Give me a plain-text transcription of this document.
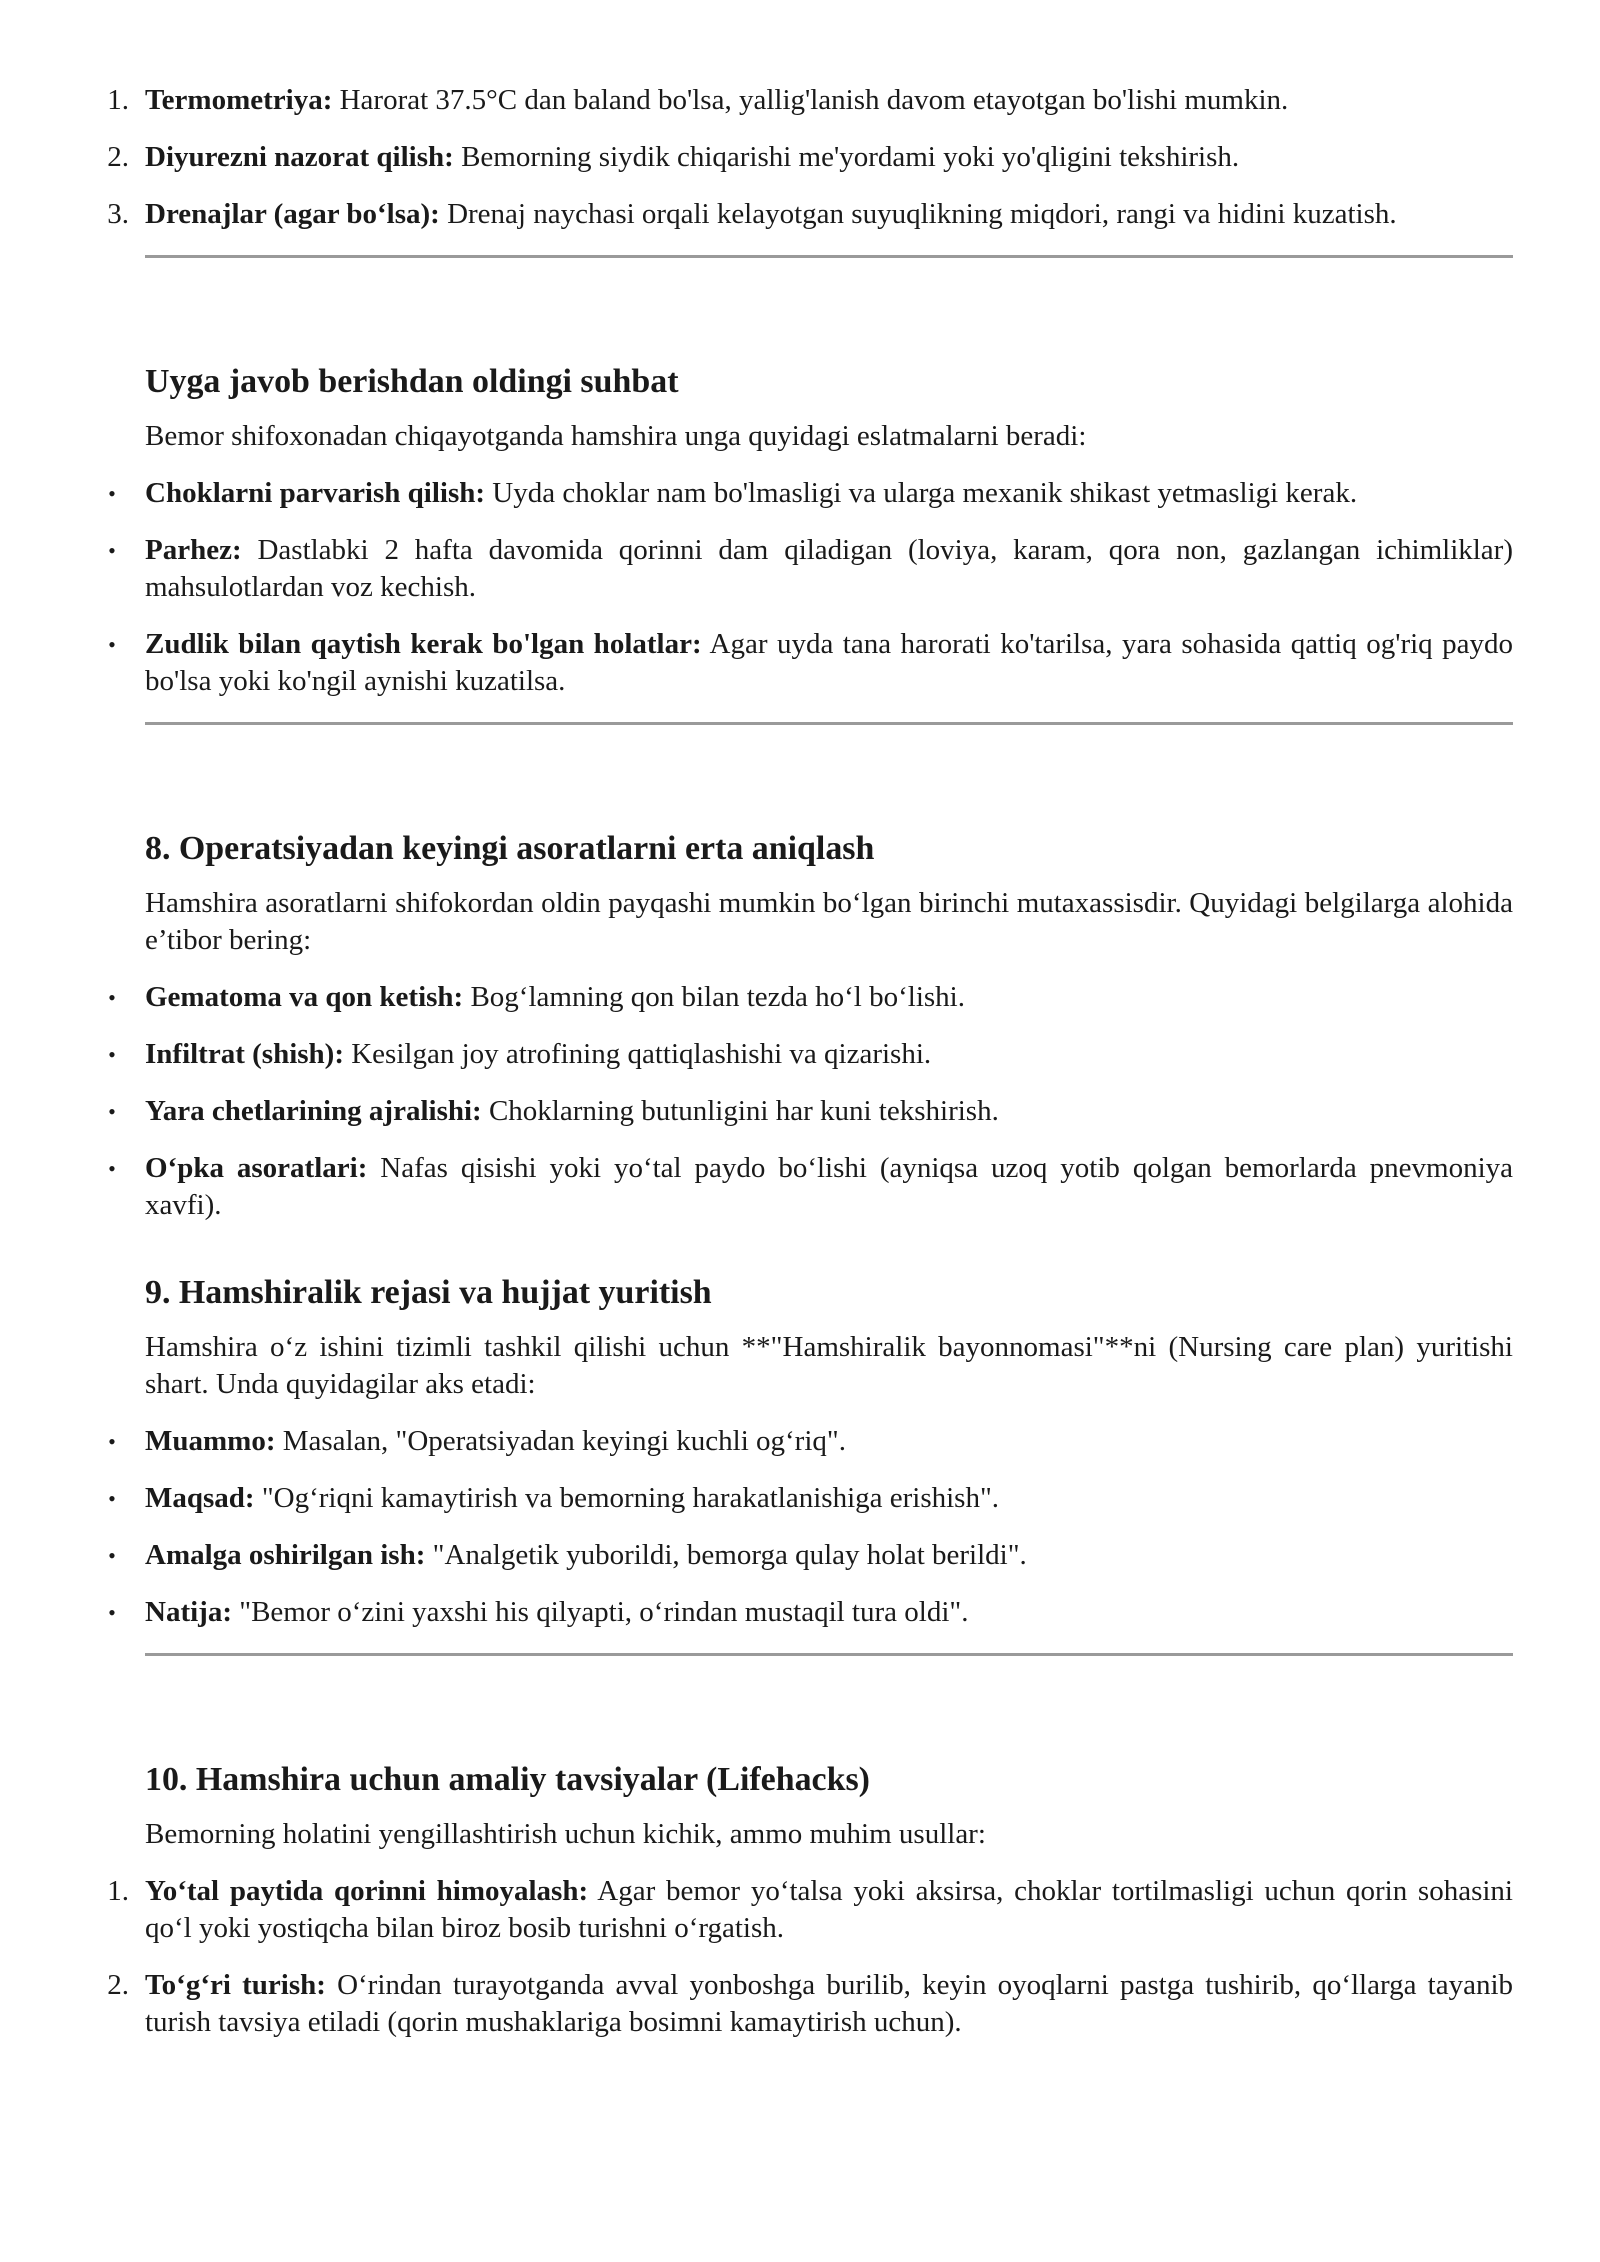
1. Termometriya: Harorat 37.5°C dan baland bo'lsa, yallig'lanish davom etayotgan bo'lishi mumkin.
2. Diyurezni nazorat qilish: Bemorning siydik chiqarishi me'yordami yoki yo'qligini tekshirish.
3. Drenajlar (agar bo‘lsa): Drenaj naychasi orqali kelayotgan suyuqlikning miqdori, rangi va hidini kuzatish.
Uyga javob berishdan oldingi suhbat

Bemor shifoxonadan chiqayotganda hamshira unga quyidagi eslatmalarni beradi:

•	Choklarni parvarish qilish: Uyda choklar nam bo'lmasligi va ularga mexanik shikast yetmasligi kerak.
•	Parhez: Dastlabki 2 hafta davomida qorinni dam qiladigan (loviya, karam, qora non, gazlangan ichimliklar) mahsulotlardan voz kechish.
•	Zudlik bilan qaytish kerak bo'lgan holatlar: Agar uyda tana harorati ko'tarilsa, yara sohasida qattiq og'riq paydo bo'lsa yoki ko'ngil aynishi kuzatilsa.
8. Operatsiyadan keyingi asoratlarni erta aniqlash

Hamshira asoratlarni shifokordan oldin payqashi mumkin bo‘lgan birinchi mutaxassisdir. Quyidagi belgilarga alohida e’tibor bering:

•	Gematoma va qon ketish: Bog‘lamning qon bilan tezda ho‘l bo‘lishi.
•	Infiltrat (shish): Kesilgan joy atrofining qattiqlashishi va qizarishi.
•	Yara chetlarining ajralishi: Choklarning butunligini har kuni tekshirish.
•	O‘pka asoratlari: Nafas qisishi yoki yo‘tal paydo bo‘lishi (ayniqsa uzoq yotib qolgan bemorlarda pnevmoniya xavfi).
9. Hamshiralik rejasi va hujjat yuritish

Hamshira o‘z ishini tizimli tashkil qilishi uchun **"Hamshiralik bayonnomasi"**ni (Nursing care plan) yuritishi shart. Unda quyidagilar aks etadi:

•	Muammo: Masalan, "Operatsiyadan keyingi kuchli og‘riq".
•	Maqsad: "Og‘riqni kamaytirish va bemorning harakatlanishiga erishish".
•	Amalga oshirilgan ish: "Analgetik yuborildi, bemorga qulay holat berildi".
•	Natija: "Bemor o‘zini yaxshi his qilyapti, o‘rindan mustaqil tura oldi".
10. Hamshira uchun amaliy tavsiyalar (Lifehacks)

Bemorning holatini yengillashtirish uchun kichik, ammo muhim usullar:

1. Yo‘tal paytida qorinni himoyalash: Agar bemor yo‘talsa yoki aksirsa, choklar tortilmasligi uchun qorin sohasini qo‘l yoki yostiqcha bilan biroz bosib turishni o‘rgatish.
2. To‘g‘ri turish: O‘rindan turayotganda avval yonboshga burilib, keyin oyoqlarni pastga tushirib, qo‘llarga tayanib turish tavsiya etiladi (qorin mushaklariga bosimni kamaytirish uchun).
